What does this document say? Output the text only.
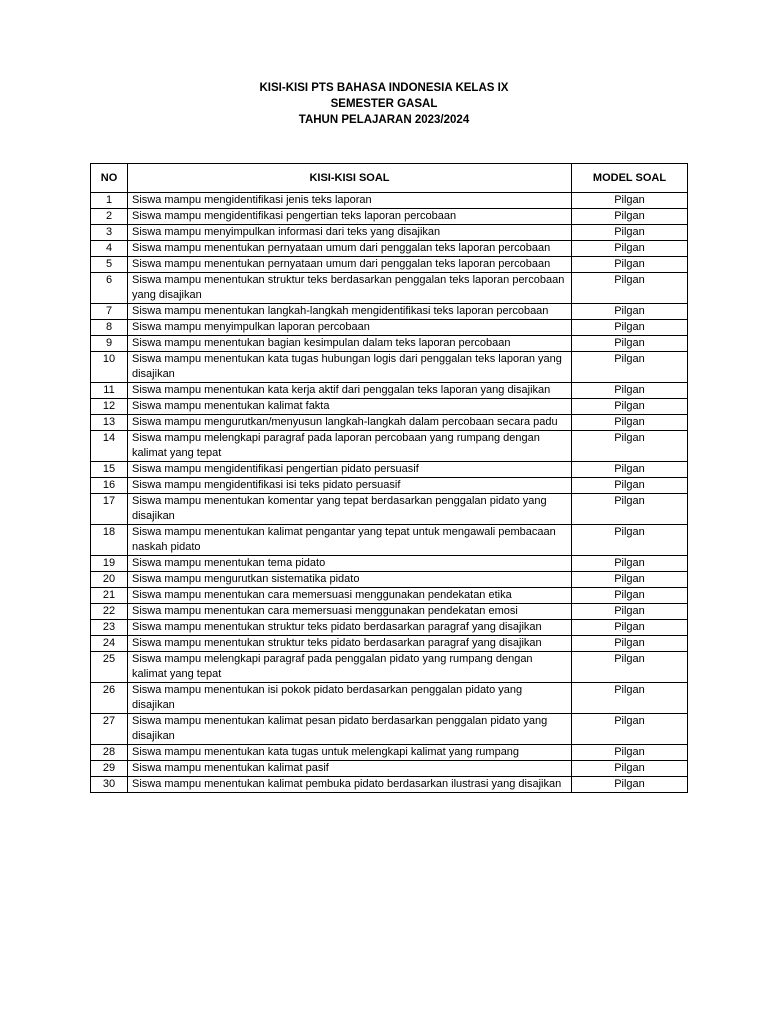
KISI-KISI PTS BAHASA INDONESIA KELAS IX
SEMESTER GASAL
TAHUN PELAJARAN 2023/2024
NO	KISI-KISI SOAL	MODEL SOAL
1	Siswa mampu mengidentifikasi jenis teks laporan	Pilgan
2	Siswa mampu mengidentifikasi pengertian teks laporan percobaan	Pilgan
3	Siswa mampu menyimpulkan informasi dari teks yang disajikan	Pilgan
4	Siswa mampu menentukan pernyataan umum dari penggalan teks laporan percobaan	Pilgan
5	Siswa mampu menentukan pernyataan umum dari penggalan teks laporan percobaan	Pilgan
6	Siswa mampu menentukan struktur teks berdasarkan penggalan teks laporan percobaan yang disajikan	Pilgan
7	Siswa mampu menentukan langkah-langkah mengidentifikasi teks laporan percobaan	Pilgan
8	Siswa mampu menyimpulkan laporan percobaan	Pilgan
9	Siswa mampu menentukan bagian kesimpulan dalam teks laporan percobaan	Pilgan
10	Siswa mampu menentukan kata tugas hubungan logis dari penggalan teks laporan yang disajikan	Pilgan
11	Siswa mampu menentukan kata kerja aktif dari penggalan teks laporan yang disajikan	Pilgan
12	Siswa mampu menentukan kalimat fakta	Pilgan
13	Siswa mampu mengurutkan/menyusun langkah-langkah dalam percobaan secara padu	Pilgan
14	Siswa mampu melengkapi paragraf pada laporan percobaan yang rumpang dengan kalimat yang tepat	Pilgan
15	Siswa mampu mengidentifikasi pengertian pidato persuasif	Pilgan
16	Siswa mampu mengidentifikasi isi teks pidato persuasif	Pilgan
17	Siswa mampu menentukan komentar yang tepat berdasarkan penggalan pidato yang disajikan	Pilgan
18	Siswa mampu menentukan kalimat pengantar yang tepat untuk mengawali pembacaan naskah pidato	Pilgan
19	Siswa mampu menentukan tema pidato	Pilgan
20	Siswa mampu mengurutkan sistematika pidato	Pilgan
21	Siswa mampu menentukan cara memersuasi menggunakan pendekatan etika	Pilgan
22	Siswa mampu menentukan cara memersuasi menggunakan pendekatan emosi	Pilgan
23	Siswa mampu menentukan struktur teks pidato berdasarkan paragraf yang disajikan	Pilgan
24	Siswa mampu menentukan struktur teks pidato berdasarkan paragraf yang disajikan	Pilgan
25	Siswa mampu melengkapi paragraf pada penggalan pidato yang rumpang dengan kalimat yang tepat	Pilgan
26	Siswa mampu menentukan isi pokok pidato berdasarkan penggalan pidato yang disajikan	Pilgan
27	Siswa mampu menentukan kalimat pesan pidato berdasarkan penggalan pidato yang disajikan	Pilgan
28	Siswa mampu menentukan kata tugas untuk melengkapi kalimat yang rumpang	Pilgan
29	Siswa mampu menentukan kalimat pasif	Pilgan
30	Siswa mampu menentukan kalimat pembuka pidato berdasarkan ilustrasi yang disajikan	Pilgan
